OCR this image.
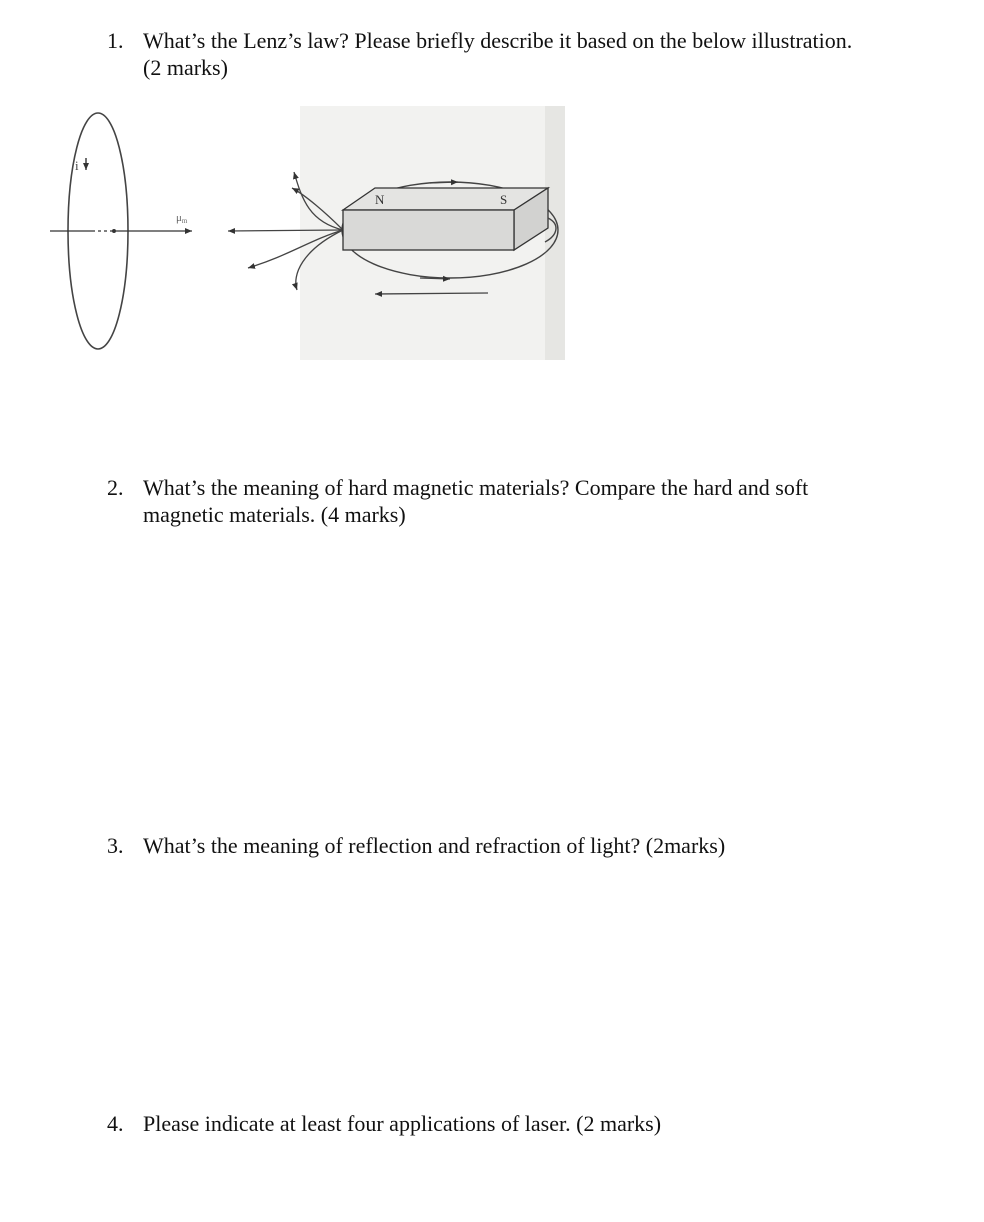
1. What’s the Lenz’s law? Please briefly describe it based on the below illustration.
(2 marks)
i
μm
N	S
2. What’s the meaning of hard magnetic materials? Compare the hard and soft
magnetic materials. (4 marks)
3. What’s the meaning of reflection and refraction of light? (2marks)
4. Please indicate at least four applications of laser. (2 marks)
